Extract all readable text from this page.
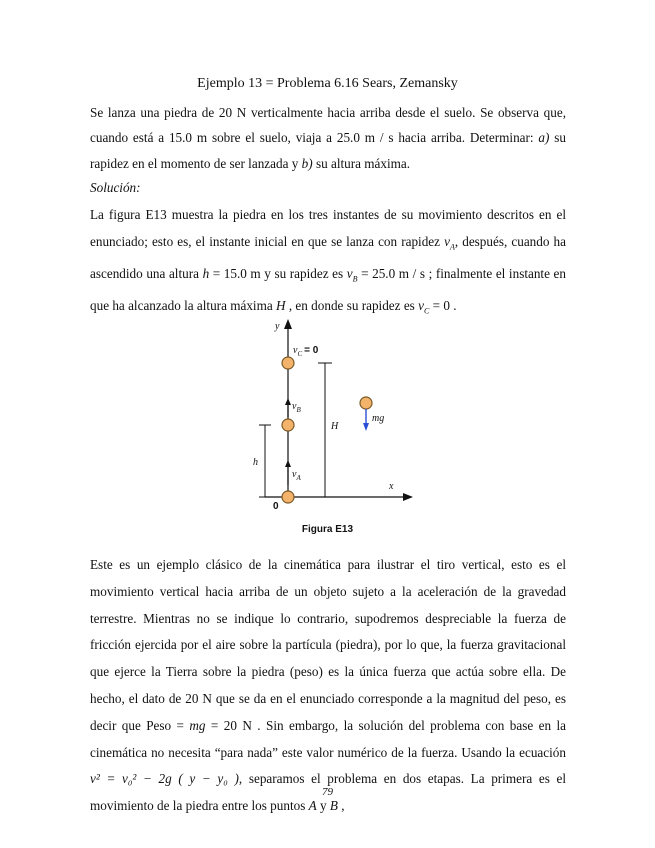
Ejemplo 13 = Problema 6.16 Sears, Zemansky
Se lanza una piedra de 20 N verticalmente hacia arriba desde el suelo. Se observa que, cuando está a 15.0 m sobre el suelo, viaja a 25.0 m / s hacia arriba. Determinar: a) su rapidez en el momento de ser lanzada y b) su altura máxima.
Solución:
La figura E13 muestra la piedra en los tres instantes de su movimiento descritos en el enunciado; esto es, el instante inicial en que se lanza con rapidez $v_A$, después, cuando ha ascendido una altura h = 15.0 m y su rapidez es $v_B = 25.0$ m / s ; finalmente el instante en que ha alcanzado la altura máxima H , en donde su rapidez es $v_C = 0$ .
y
x
0
h
H
$v_A$
$v_B$
$v_C = 0$
mg
Figura E13
Este es un ejemplo clásico de la cinemática para ilustrar el tiro vertical, esto es el movimiento vertical hacia arriba de un objeto sujeto a la aceleración de la gravedad terrestre. Mientras no se indique lo contrario, supodremos despreciable la fuerza de fricción ejercida por el aire sobre la partícula (piedra), por lo que, la fuerza gravitacional que ejerce la Tierra sobre la piedra (peso) es la única fuerza que actúa sobre ella. De hecho, el dato de 20 N que se da en el enunciado corresponde a la magnitud del peso, es decir que Peso = mg = 20 N . Sin embargo, la solución del problema con base en la cinemática no necesita “para nada” este valor numérico de la fuerza. Usando la ecuación v² = v₀² − 2g ( y − y₀ ), separamos el problema en dos etapas. La primera es el movimiento de la piedra entre los puntos A y B ,
79
